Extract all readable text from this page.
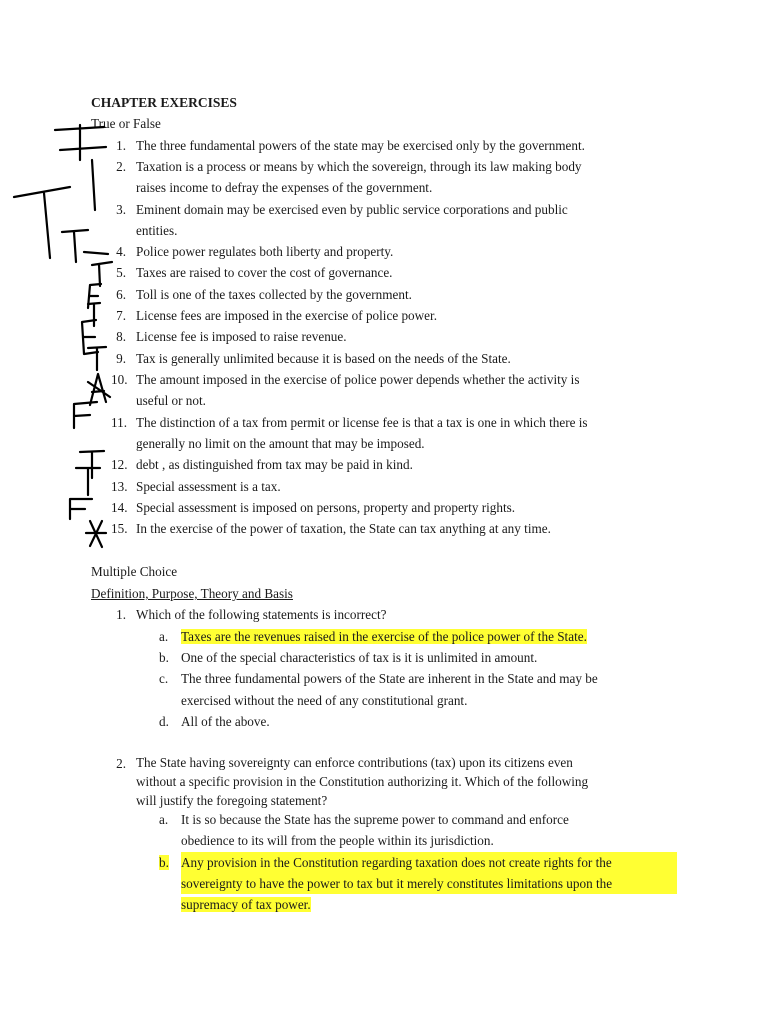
CHAPTER EXERCISES
True or False
1. The three fundamental powers of the state may be exercised only by the government.
2. Taxation is a process or means by which the sovereign, through its law making body
raises income to defray the expenses of the government.
3. Eminent domain may be exercised even by public service corporations and public
entities.
4. Police power regulates both liberty and property.
5. Taxes are raised to cover the cost of governance.
6. Toll is one of the taxes collected by the government.
7. License fees are imposed in the exercise of police power.
8. License fee is imposed to raise revenue.
9. Tax is generally unlimited because it is based on the needs of the State.
10. The amount imposed in the exercise of police power depends whether the activity is
useful or not.
11. The distinction of a tax from permit or license fee is that a tax is one in which there is
generally no limit on the amount that may be imposed.
12. debt , as distinguished from tax may be paid in kind.
13. Special assessment is a tax.
14. Special assessment is imposed on persons, property and property rights.
15. In the exercise of the power of taxation, the State can tax anything at any time.
Multiple Choice
Definition, Purpose, Theory and Basis
1. Which of the following statements is incorrect?
a. Taxes are the revenues raised in the exercise of the police power of the State.
b. One of the special characteristics of tax is it is unlimited in amount.
c. The three fundamental powers of the State are inherent in the State and may be
exercised without the need of any constitutional grant.
d. All of the above.
2. The State having sovereignty can enforce contributions (tax) upon its citizens even
without a specific provision in the Constitution authorizing it. Which of the following
will justify the foregoing statement?
a. It is so because the State has the supreme power to command and enforce
obedience to its will from the people within its jurisdiction.
b. Any provision in the Constitution regarding taxation does not create rights for the
sovereignty to have the power to tax but it merely constitutes limitations upon the
supremacy of tax power.
